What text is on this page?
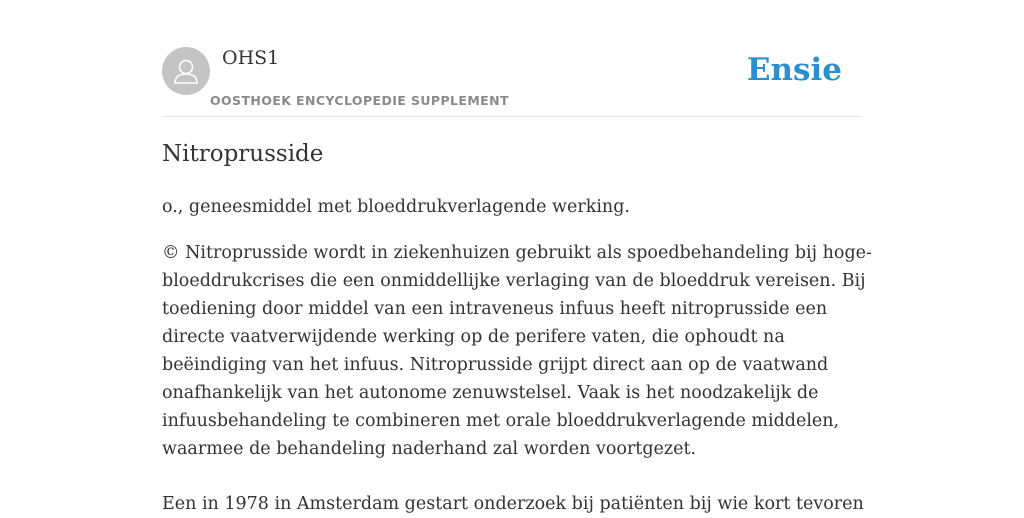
OHS1
OOSTHOEK ENCYCLOPEDIE SUPPLEMENT
Ensie
Nitroprusside

o., geneesmiddel met bloeddrukverlagende werking.

© Nitroprusside wordt in ziekenhuizen gebruikt als spoedbehandeling bij hoge-
bloeddrukcrises die een onmiddellijke verlaging van de bloeddruk vereisen. Bij
toediening door middel van een intraveneus infuus heeft nitroprusside een
directe vaatverwijdende werking op de perifere vaten, die ophoudt na
beëindiging van het infuus. Nitroprusside grijpt direct aan op de vaatwand
onafhankelijk van het autonome zenuwstelsel. Vaak is het noodzakelijk de
infuusbehandeling te combineren met orale bloeddrukverlagende middelen,
waarmee de behandeling naderhand zal worden voortgezet.

Een in 1978 in Amsterdam gestart onderzoek bij patiënten bij wie kort tevoren
